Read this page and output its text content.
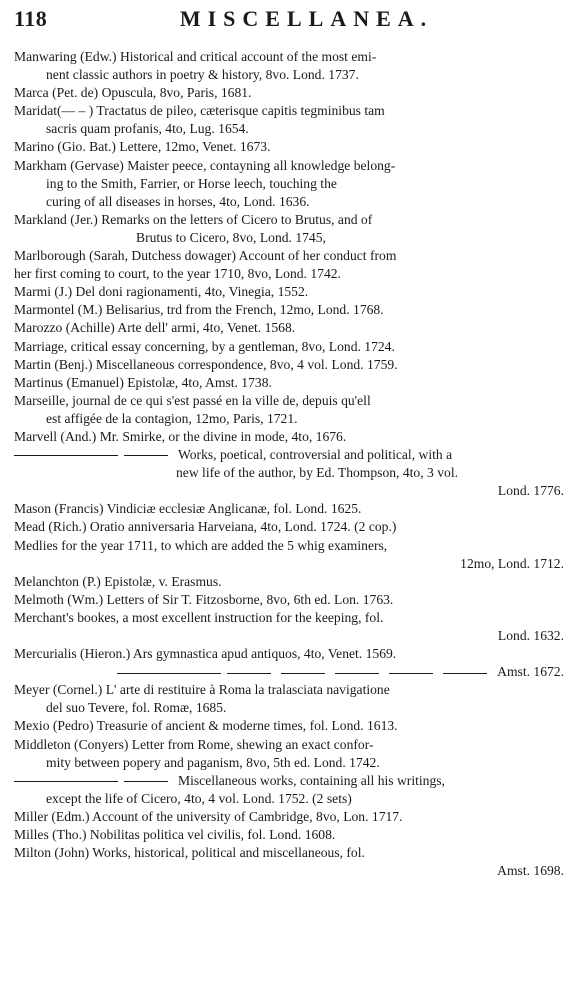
118	MISCELLANEA.

Manwaring (Edw.) Historical and critical account of the most emi-
nent classic authors in poetry & history, 8vo. Lond. 1737.

Marca (Pet. de) Opuscula, 8vo, Paris, 1681.

Maridat(— – ) Tractatus de pileo, cæterisque capitis tegminibus tam
sacris quam profanis, 4to, Lug. 1654.

Marino (Gio. Bat.) Lettere, 12mo, Venet. 1673.

Markham (Gervase) Maister peece, contayning all knowledge belong-
ing to the Smith, Farrier, or Horse leech, touching the
curing of all diseases in horses, 4to, Lond. 1636.

Markland (Jer.) Remarks on the letters of Cicero to Brutus, and of
Brutus to Cicero, 8vo, Lond. 1745,

Marlborough (Sarah, Dutchess dowager) Account of her conduct from
her first coming to court, to the year 1710, 8vo, Lond. 1742.

Marmi (J.) Del doni ragionamenti, 4to, Vinegia, 1552.

Marmontel (M.) Belisarius, trd from the French, 12mo, Lond. 1768.

Marozzo (Achille) Arte dell' armi, 4to, Venet. 1568.

Marriage, critical essay concerning, by a gentleman, 8vo, Lond. 1724.

Martin (Benj.) Miscellaneous correspondence, 8vo, 4 vol. Lond. 1759.

Martinus (Emanuel) Epistolæ, 4to, Amst. 1738.

Marseille, journal de ce qui s'est passé en la ville de, depuis qu'ell
est affigée de la contagion, 12mo, Paris, 1721.

Marvell (And.) Mr. Smirke, or the divine in mode, 4to, 1676.

Works, poetical, controversial and political, with a
new life of the author, by Ed. Thompson, 4to, 3 vol.
Lond. 1776.

Mason (Francis) Vindiciæ ecclesiæ Anglicanæ, fol. Lond. 1625.

Mead (Rich.) Oratio anniversaria Harveiana, 4to, Lond. 1724. (2 cop.)

Medlies for the year 1711, to which are added the 5 whig examiners,
12mo, Lond. 1712.

Melanchton (P.) Epistolæ, v. Erasmus.

Melmoth (Wm.) Letters of Sir T. Fitzosborne, 8vo, 6th ed. Lon. 1763.

Merchant's bookes, a most excellent instruction for the keeping, fol.
Lond. 1632.

Mercurialis (Hieron.) Ars gymnastica apud antiquos, 4to, Venet. 1569.
Amst. 1672.

Meyer (Cornel.) L' arte di restituire à Roma la tralasciata navigatione
del suo Tevere, fol. Romæ, 1685.

Mexio (Pedro) Treasurie of ancient & moderne times, fol. Lond. 1613.

Middleton (Conyers) Letter from Rome, shewing an exact confor-
mity between popery and paganism, 8vo, 5th ed. Lond. 1742.

Miscellaneous works, containing all his writings,
except the life of Cicero, 4to, 4 vol. Lond. 1752. (2 sets)

Miller (Edm.) Account of the university of Cambridge, 8vo, Lon. 1717.

Milles (Tho.) Nobilitas politica vel civilis, fol. Lond. 1608.

Milton (John) Works, historical, political and miscellaneous, fol.
Amst. 1698.
